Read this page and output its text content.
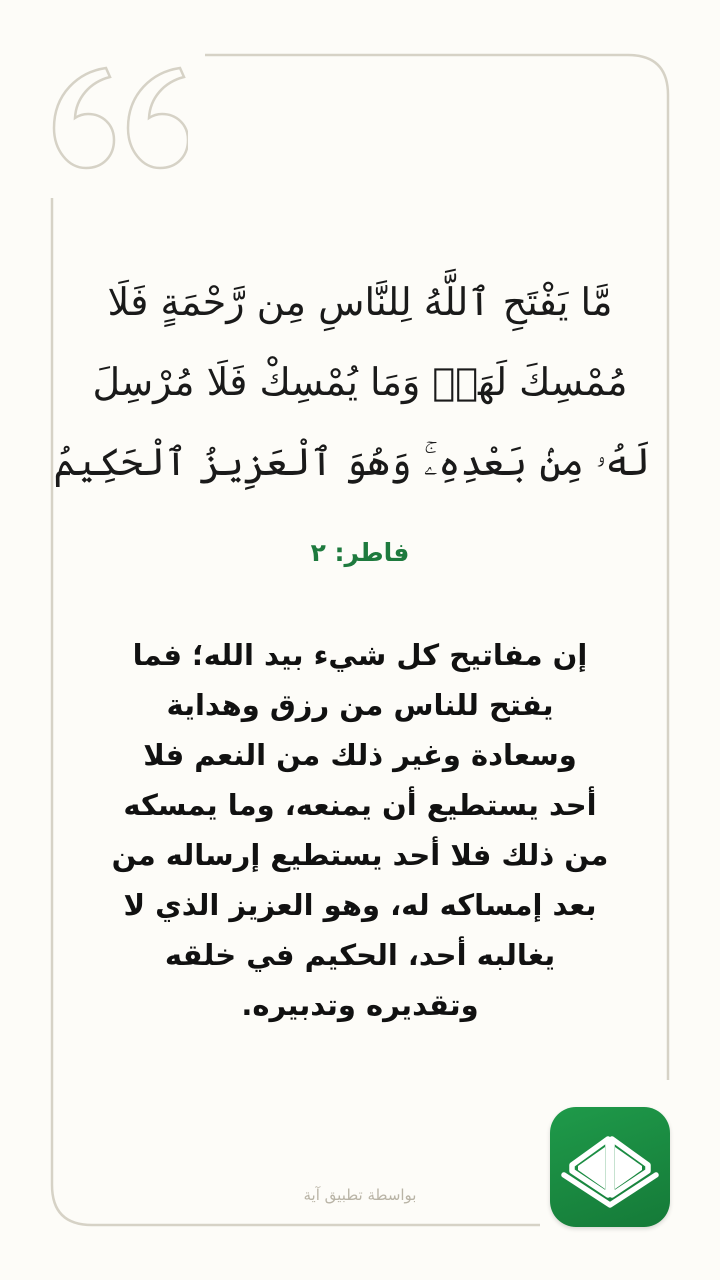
مَّا يَفْتَحِ ٱللَّهُ لِلنَّاسِ مِن رَّحْمَةٍ فَلَا
مُمْسِكَ لَهَاۖ وَمَا يُمْسِكْ فَلَا مُرْسِلَ
لَهُۥ مِنۢ بَعْدِهِۦۚ وَهُوَ ٱلْعَزِيزُ ٱلْحَكِيمُ
فاطر: ٢
إن مفاتيح كل شيء بيد الله؛ فما
يفتح للناس من رزق وهداية
وسعادة وغير ذلك من النعم فلا
أحد يستطيع أن يمنعه، وما يمسكه
من ذلك فلا أحد يستطيع إرساله من
بعد إمساكه له، وهو العزيز الذي لا
يغالبه أحد، الحكيم في خلقه
وتقديره وتدبيره.
بواسطة تطبيق آية
